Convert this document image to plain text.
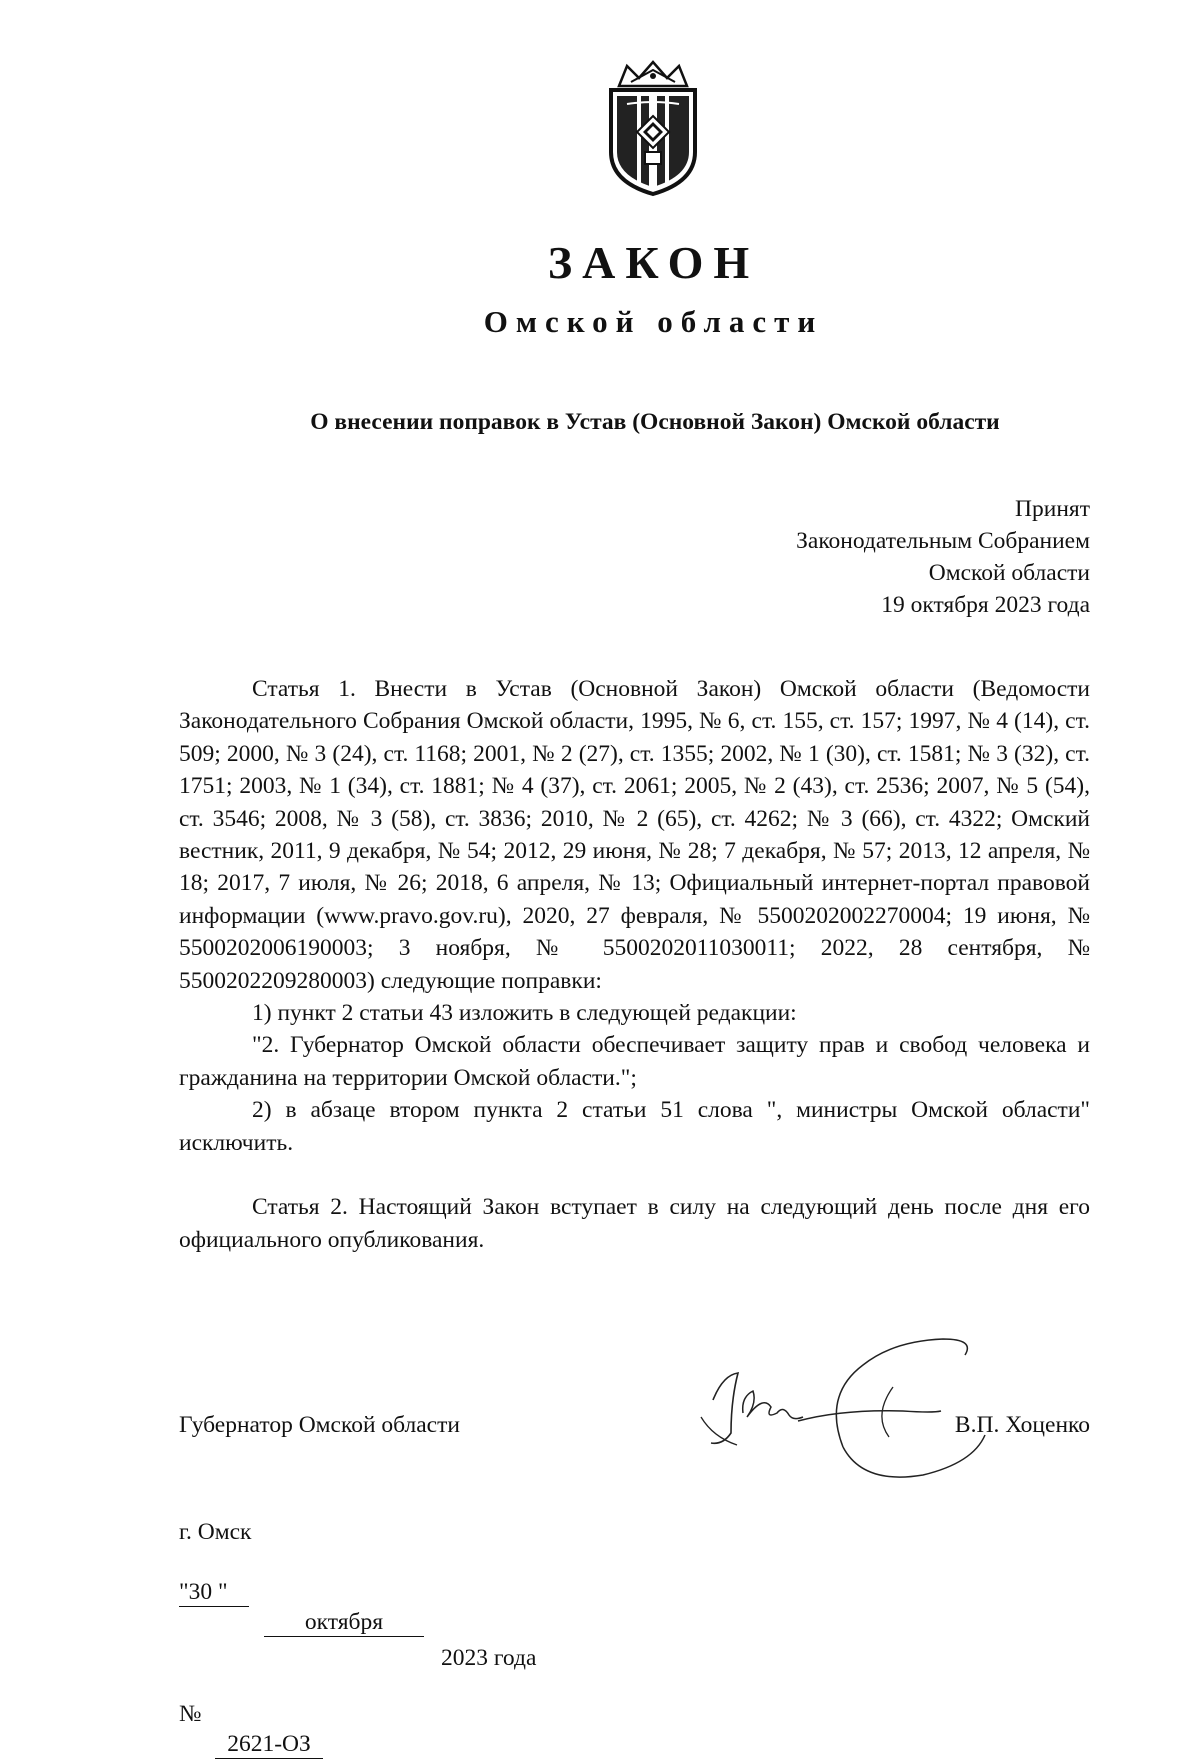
ЗАКОН
Омской области
О внесении поправок в Устав (Основной Закон) Омской области
Принят
Законодательным Собранием
Омской области
19 октября 2023 года

Статья 1. Внести в Устав (Основной Закон) Омской области (Ведомости Законодательного Собрания Омской области, 1995, № 6, ст. 155, ст. 157; 1997, № 4 (14), ст. 509; 2000, № 3 (24), ст. 1168; 2001, № 2 (27), ст. 1355; 2002, № 1 (30), ст. 1581; № 3 (32), ст. 1751; 2003, № 1 (34), ст. 1881; № 4 (37), ст. 2061; 2005, № 2 (43), ст. 2536; 2007, № 5 (54), ст. 3546; 2008, № 3 (58), ст. 3836; 2010, № 2 (65), ст. 4262; № 3 (66), ст. 4322; Омский вестник, 2011, 9 декабря, № 54; 2012, 29 июня, № 28; 7 декабря, № 57; 2013, 12 апреля, № 18; 2017, 7 июля, № 26; 2018, 6 апреля, № 13; Официальный интернет-портал правовой информации (www.pravo.gov.ru), 2020, 27 февраля, № 5500202002270004; 19 июня, № 5500202006190003; 3 ноября, № 5500202011030011; 2022, 28 сентября, № 5500202209280003) следующие поправки:

1) пункт 2 статьи 43 изложить в следующей редакции:

"2. Губернатор Омской области обеспечивает защиту прав и свобод человека и гражданина на территории Омской области.";

2) в абзаце втором пункта 2 статьи 51 слова ", министры Омской области" исключить.

Статья 2. Настоящий Закон вступает в силу на следующий день после дня его официального опубликования.

Губернатор Омской области	В.П. Хоценко
г. Омск
"30 "
октября
2023 года
№
2621-ОЗ
